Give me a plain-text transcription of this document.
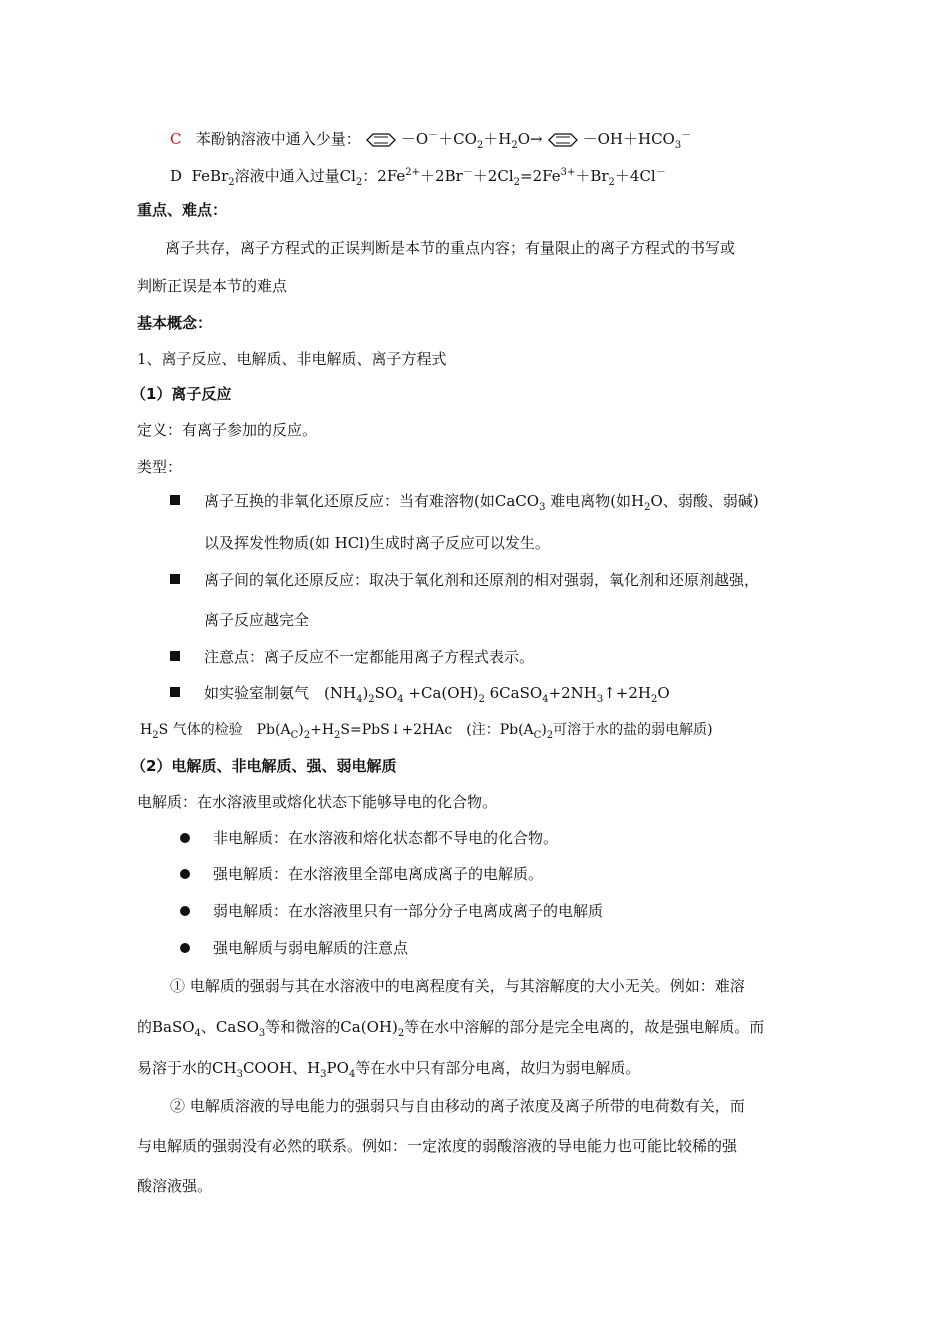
C 苯酚钠溶液中通入少量：	$-O^-+CO_2+H_2O\to$	$-OH+HCO_3^-$
D FeBr$_2$溶液中通入过量$Cl_2$：$2Fe^{2+}+2Br^-+2Cl_2=2Fe^{3+}+Br_2+4Cl^-$
重点、难点：
离子共存，离子方程式的正误判断是本节的重点内容；有量限止的离子方程式的书写或
判断正误是本节的难点
基本概念：
1、离子反应、电解质、非电解质、离子方程式
（1）离子反应
定义：有离子参加的反应。
类型：
离子互换的非氧化还原反应：当有难溶物(如CaCO$_3$ 难电离物(如$H_2O$、弱酸、弱碱)
以及挥发性物质(如 HCl)生成时离子反应可以发生。
离子间的氧化还原反应：取决于氧化剂和还原剂的相对强弱，氧化剂和还原剂越强，
离子反应越完全
注意点：离子反应不一定都能用离子方程式表示。
如实验室制氨气　$(NH_4)_2SO_4 +Ca(OH)_2$ $6CaSO_4+2NH_3↑+2H_2O$
$H_2S$ 气体的检验　$Pb(A_C)_2+H_2S=PbS↓+2HAc$　(注：$Pb(A_C)_2$可溶于水的盐的弱电解质)
（2）电解质、非电解质、强、弱电解质
电解质：在水溶液里或熔化状态下能够导电的化合物。
非电解质：在水溶液和熔化状态都不导电的化合物。
强电解质：在水溶液里全部电离成离子的电解质。
弱电解质：在水溶液里只有一部分分子电离成离子的电解质
强电解质与弱电解质的注意点
① 电解质的强弱与其在水溶液中的电离程度有关，与其溶解度的大小无关。例如：难溶
的BaSO$_4$、CaSO$_3$等和微溶的$Ca(OH)_2$等在水中溶解的部分是完全电离的，故是强电解质。而
易溶于水的$CH_3COOH$、$H_3PO_4$等在水中只有部分电离，故归为弱电解质。
② 电解质溶液的导电能力的强弱只与自由移动的离子浓度及离子所带的电荷数有关，而
与电解质的强弱没有必然的联系。例如：一定浓度的弱酸溶液的导电能力也可能比较稀的强
酸溶液强。
